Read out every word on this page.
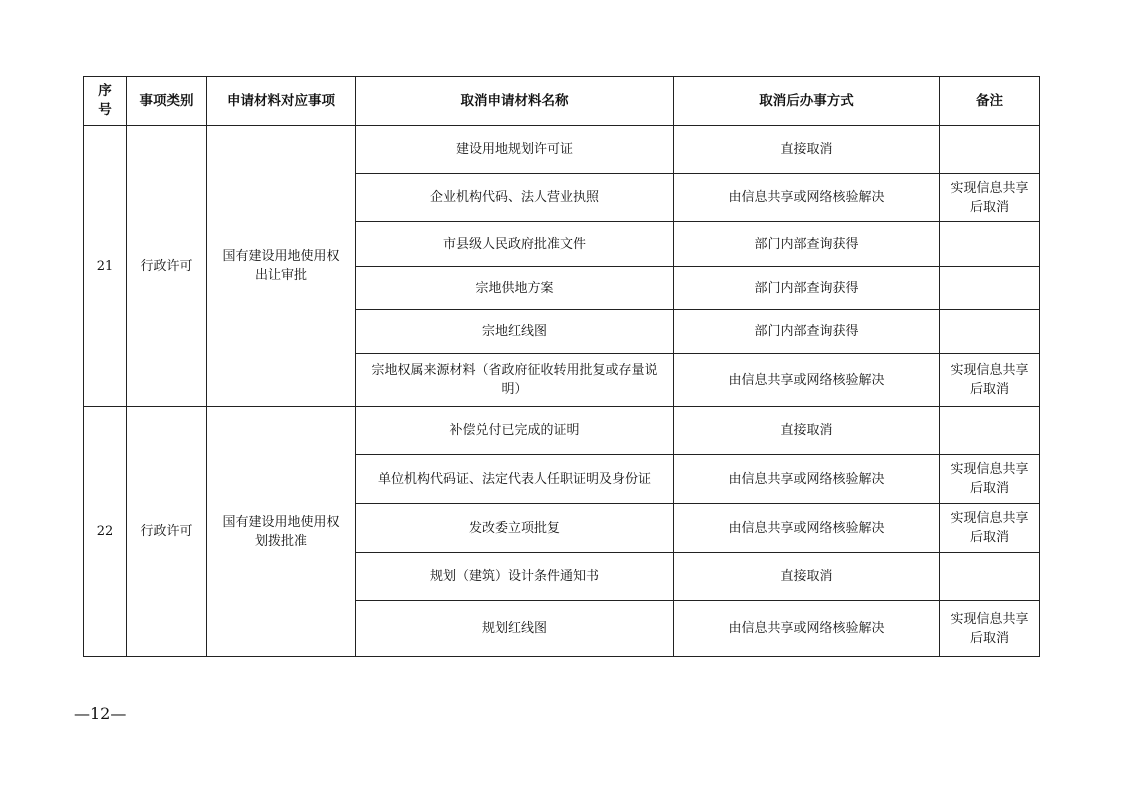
序号	事项类别	申请材料对应事项	取消申请材料名称	取消后办事方式	备注
21	行政许可	国有建设用地使用权出让审批	建设用地规划许可证	直接取消	
			企业机构代码、法人营业执照	由信息共享或网络核验解决	实现信息共享后取消
			市县级人民政府批准文件	部门内部查询获得	
			宗地供地方案	部门内部查询获得	
			宗地红线图	部门内部查询获得	
			宗地权属来源材料（省政府征收转用批复或存量说明）	由信息共享或网络核验解决	实现信息共享后取消
22	行政许可	国有建设用地使用权划拨批准	补偿兑付已完成的证明	直接取消	
			单位机构代码证、法定代表人任职证明及身份证	由信息共享或网络核验解决	实现信息共享后取消
			发改委立项批复	由信息共享或网络核验解决	实现信息共享后取消
			规划（建筑）设计条件通知书	直接取消	
			规划红线图	由信息共享或网络核验解决	实现信息共享后取消
—12—
